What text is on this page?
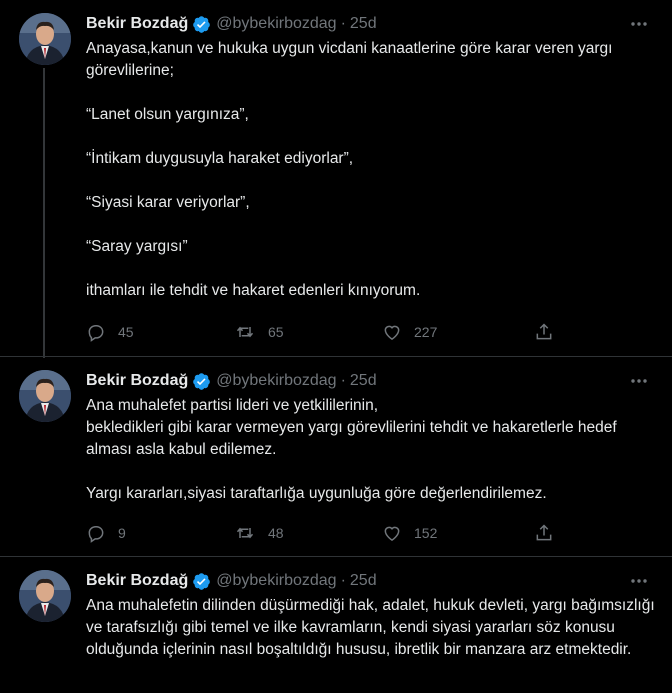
Bekir Bozdağ @bybekirbozdag · 25d

Anayasa,kanun ve hukuka uygun vicdani kanaatlerine göre karar veren yargı görevlilerine;

“Lanet olsun yargınıza”,

“İntikam duygusuyla haraket ediyorlar”,

“Siyasi karar veriyorlar”,

“Saray yargısı”

ithamları ile tehdit ve hakaret edenleri kınıyorum.

45	65	227
Bekir Bozdağ @bybekirbozdag · 25d

Ana muhalefet partisi lideri ve yetkililerinin,

bekledikleri gibi karar vermeyen yargı görevlilerini tehdit ve hakaretlerle hedef alması asla kabul edilemez.

Yargı kararları,siyasi taraftarlığa uygunluğa göre değerlendirilemez.

9	48	152
Bekir Bozdağ @bybekirbozdag · 25d

Ana muhalefetin dilinden düşürmediği hak, adalet, hukuk devleti, yargı bağımsızlığı ve tarafsızlığı gibi temel ve ilke kavramların, kendi siyasi yararları söz konusu olduğunda içlerinin nasıl boşaltıldığı hususu, ibretlik bir manzara arz etmektedir.
